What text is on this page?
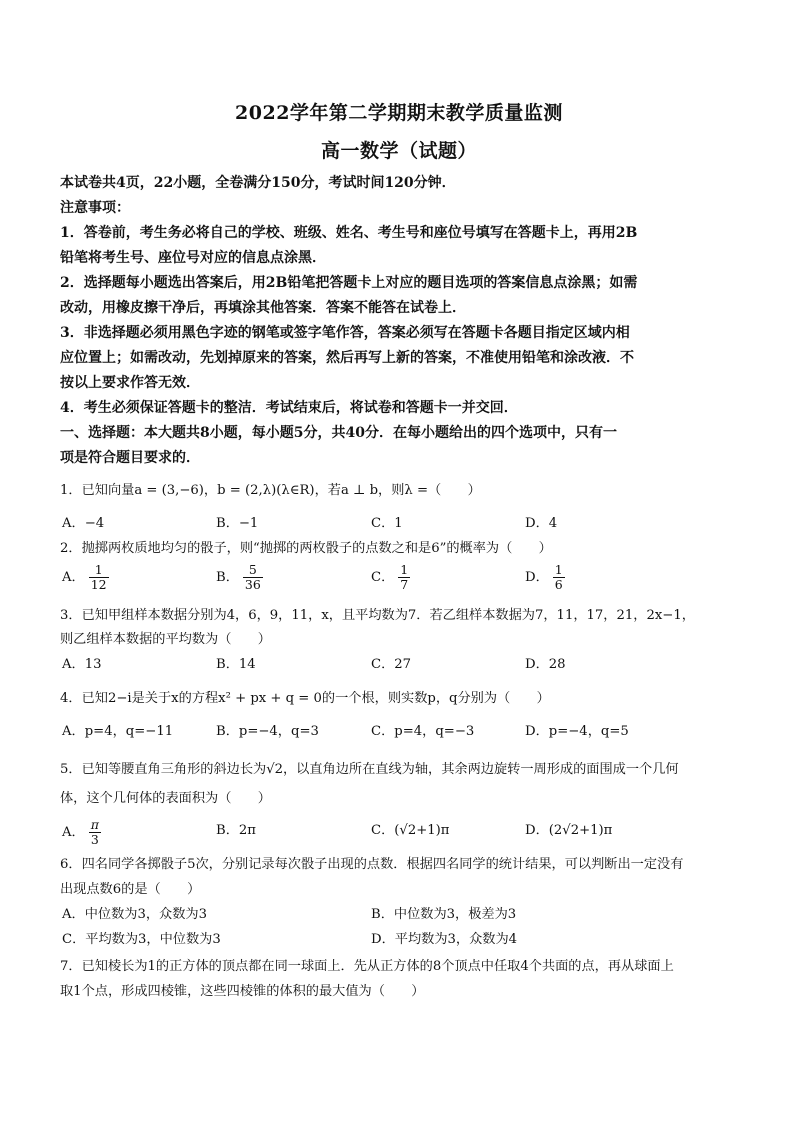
2022学年第二学期期末教学质量监测
高一数学（试题）
本试卷共4页，22小题，全卷满分150分，考试时间120分钟．
注意事项：
1．答卷前，考生务必将自己的学校、班级、姓名、考生号和座位号填写在答题卡上，再用2B
铅笔将考生号、座位号对应的信息点涂黑．
2．选择题每小题选出答案后，用2B铅笔把答题卡上对应的题目选项的答案信息点涂黑；如需
改动，用橡皮擦干净后，再填涂其他答案．答案不能答在试卷上．
3．非选择题必须用黑色字迹的钢笔或签字笔作答，答案必须写在答题卡各题目指定区域内相
应位置上；如需改动，先划掉原来的答案，然后再写上新的答案，不准使用铅笔和涂改液．不
按以上要求作答无效．
4．考生必须保证答题卡的整洁．考试结束后，将试卷和答题卡一并交回．
一、选择题：本大题共8小题，每小题5分，共40分．在每小题给出的四个选项中，只有一
项是符合题目要求的．
1．已知向量a = (3,−6)，b = (2,λ)(λ∈R)，若a ⊥ b，则λ =（　　）
A．−4	B．−1	C．1	D．4
2．抛掷两枚质地均匀的骰子，则“抛掷的两枚骰子的点数之和是6”的概率为（　　）
A． $\frac{1}{12}$	B． $\frac{5}{36}$	C． $\frac{1}{7}$	D． $\frac{1}{6}$
3．已知甲组样本数据分别为4，6，9，11，x，且平均数为7．若乙组样本数据为7，11，17，21，2x−1，
则乙组样本数据的平均数为（　　）
A．13	B．14	C．27	D．28
4．已知2−i是关于x的方程x² + px + q = 0的一个根，则实数p，q分别为（　　）
A．p=4，q=−11	B．p=−4，q=3	C．p=4，q=−3	D．p=−4，q=5
5．已知等腰直角三角形的斜边长为√2，以直角边所在直线为轴，其余两边旋转一周形成的面围成一个几何
体，这个几何体的表面积为（　　）
A． $\frac{\pi}{3}$	B．2π	C．(√2+1)π	D．(2√2+1)π
6．四名同学各掷骰子5次，分别记录每次骰子出现的点数．根据四名同学的统计结果，可以判断出一定没有
出现点数6的是（　　）
A．中位数为3，众数为3	B．中位数为3，极差为3
C．平均数为3，中位数为3	D．平均数为3，众数为4
7．已知棱长为1的正方体的顶点都在同一球面上．先从正方体的8个顶点中任取4个共面的点，再从球面上
取1个点，形成四棱锥，这些四棱锥的体积的最大值为（　　）
